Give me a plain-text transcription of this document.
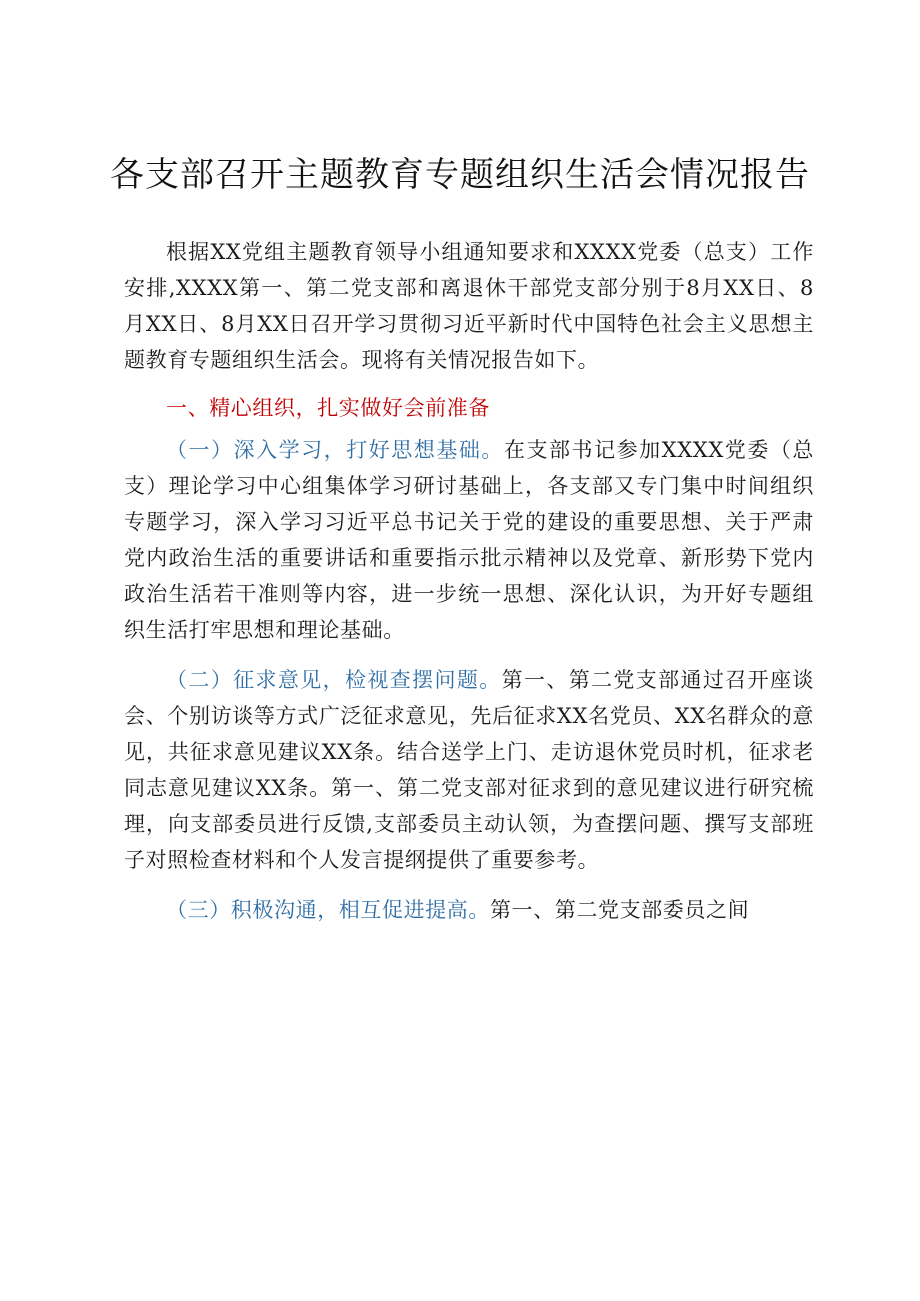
各支部召开主题教育专题组织生活会情况报告

根据XX党组主题教育领导小组通知要求和XXXX党委（总支）工作安排,XXXX第一、第二党支部和离退休干部党支部分别于8月XX日、8月XX日、8月XX日召开学习贯彻习近平新时代中国特色社会主义思想主题教育专题组织生活会。现将有关情况报告如下。

一、精心组织，扎实做好会前准备

（一）深入学习，打好思想基础。在支部书记参加XXXX党委（总支）理论学习中心组集体学习研讨基础上，各支部又专门集中时间组织专题学习，深入学习习近平总书记关于党的建设的重要思想、关于严肃党内政治生活的重要讲话和重要指示批示精神以及党章、新形势下党内政治生活若干准则等内容，进一步统一思想、深化认识，为开好专题组织生活打牢思想和理论基础。

（二）征求意见，检视查摆问题。第一、第二党支部通过召开座谈会、个别访谈等方式广泛征求意见，先后征求XX名党员、XX名群众的意见，共征求意见建议XX条。结合送学上门、走访退休党员时机，征求老同志意见建议XX条。第一、第二党支部对征求到的意见建议进行研究梳理，向支部委员进行反馈,支部委员主动认领，为查摆问题、撰写支部班子对照检查材料和个人发言提纲提供了重要参考。

（三）积极沟通，相互促进提高。第一、第二党支部委员之间
